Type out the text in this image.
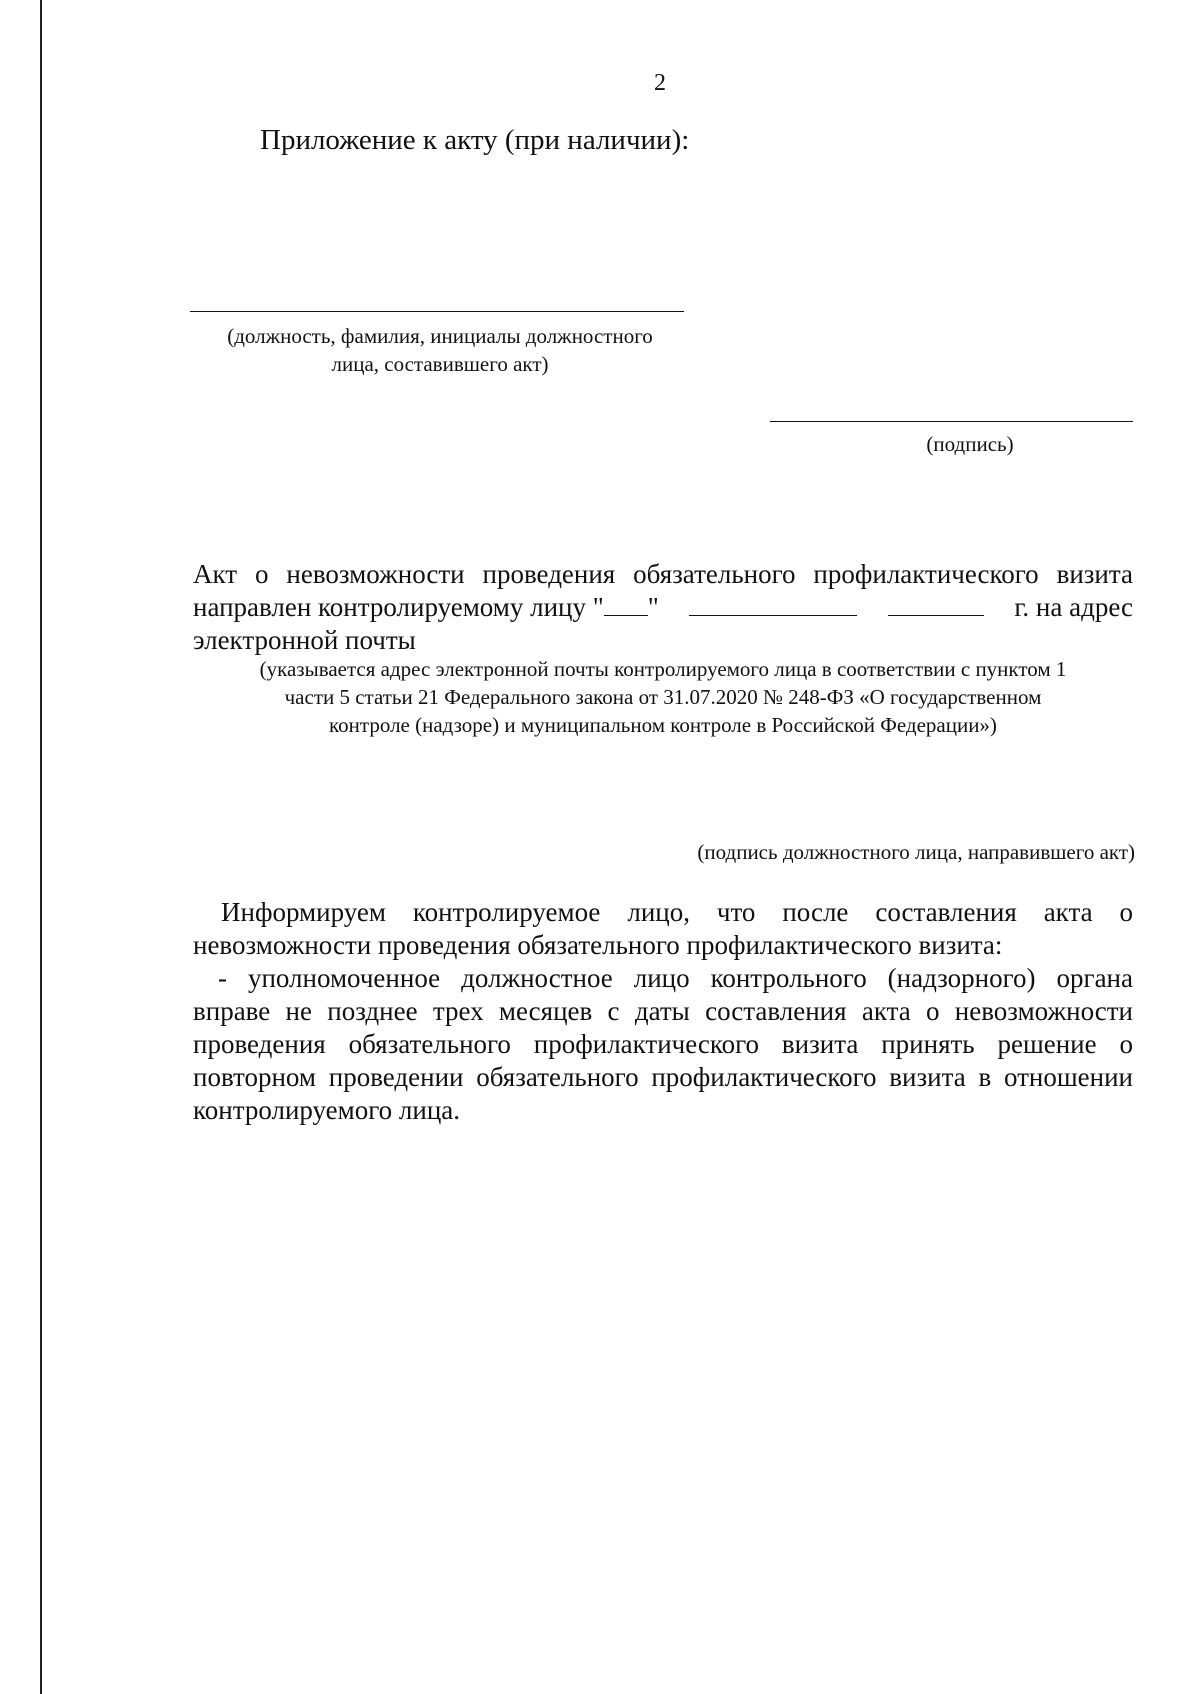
2
Приложение к акту (при наличии):
(должность, фамилия, инициалы должностного
лица, составившего акт)
(подпись)
Акт о невозможности проведения обязательного профилактического визита
направлен контролируемому лицу " "	г. на адрес
электронной почты
(указывается адрес электронной почты контролируемого лица в соответствии с пунктом 1
части 5 статьи 21 Федерального закона от 31.07.2020 № 248-ФЗ «О государственном
контроле (надзоре) и муниципальном контроле в Российской Федерации»)
(подпись должностного лица, направившего акт)
Информируем контролируемое лицо, что после составления акта о
невозможности проведения обязательного профилактического визита:
- уполномоченное должностное лицо контрольного (надзорного) органа
вправе не позднее трех месяцев с даты составления акта о невозможности
проведения обязательного профилактического визита принять решение о
повторном проведении обязательного профилактического визита в отношении
контролируемого лица.
